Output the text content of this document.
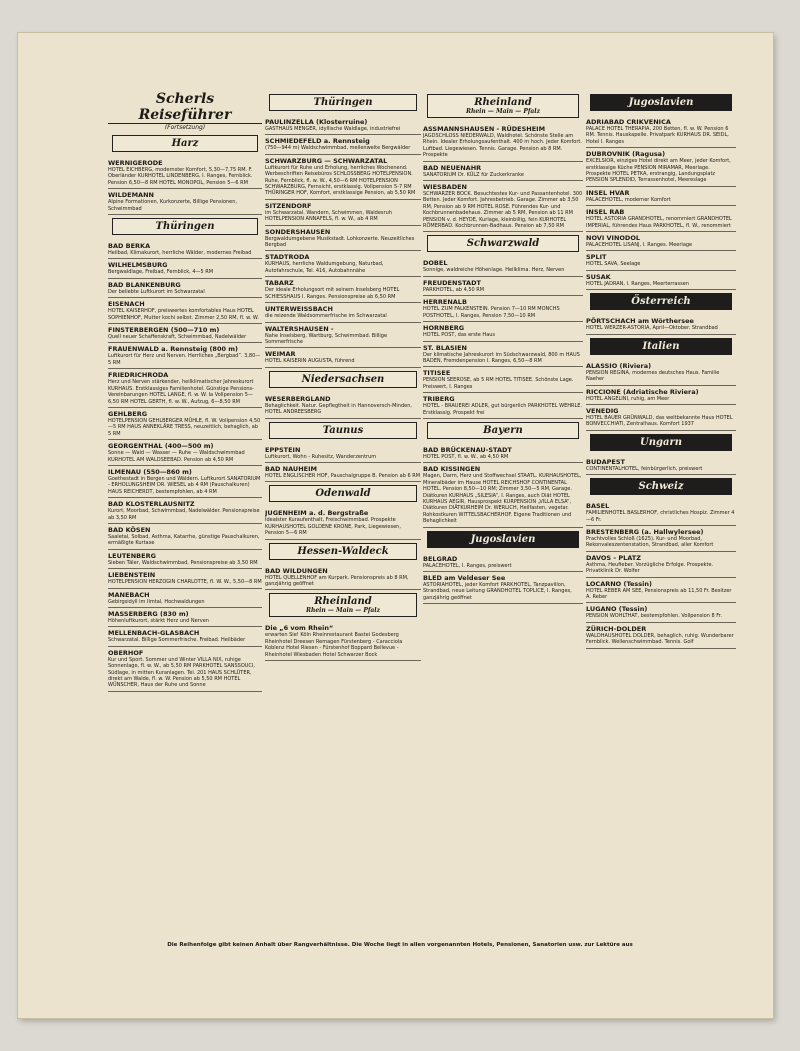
Scherls Reiseführer
(Fortsetzung)
Harz
WERNIGERODE
HOTEL EICHBERG, modernster Komfort, 5,30—7,75 RM. F. Oberländer KURHOTEL LINDENBERG, I. Ranges, Fernblick. Pension 6,50—8 RM HOTEL MONOPOL, Pension 5—6 RM
WILDEMANN
Alpine Formationen, Kurkonzerte, Billige Pensionen, Schwimmbad
Thüringen
BAD BERKA
Heilbad, Klimakurort, herrliche Wälder, modernes Freibad
WILHELMSBURG
Bergwaldlage, Freibad, Fernblick, 4—5 RM
BAD BLANKENBURG
Der beliebte Luftkurort im Schwarzatal
EISENACH
HOTEL KAISERHOF, preiswertes komfortables Haus HOTEL SOPHIENHOF, Mutter kochi selbst. Zimmer 2,50 RM, fl. w. W.
FINSTERBERGEN (500—710 m)
Quell neuer Schaffenskraft, Schwimmbad, Nadelwälder
FRAUENWALD a. Rennsteig (800 m)
Luftkurort für Herz und Nerven. Herrliches „Bergbad“. 3,80—5 RM
FRIEDRICHRODA
Herz und Nerven stärkender, heilklimatischer Jahreskurort KURHAUS. Erstklassiges Familienhotel. Günstige Pensions-Vereinbarungen HOTEL LANGE, fl. w. W. Ia Vollpension 5—6,50 RM HOTEL GERTH, fl. w. W., Aufzug, 6—8,50 RM
GEHLBERG
HOTELPENSION GEHLBERGER MÜHLE, fl. W. Vollpension 4,50—5 RM HAUS ANNEKLÄRE TRESS, neuzeitlich, behaglich, ab 5 RM
GEORGENTHAL (400—500 m)
Sonne — Wald — Wasser — Ruhe — Waldschwimmbad KURHOTEL AM WALDSEEBAD. Pension ab 4,50 RM
ILMENAU (550—860 m)
Goethestadt in Bergen und Wäldern. Luftkurort SANATORIUM - ERHOLUNGSHEIM DR. WIESEL ab 4 RM (Pauschalkuren) HAUS REICHERDT, bestempfohlen, ab 4 RM
BAD KLOSTERLAUSNITZ
Kurort, Moorbad, Schwimmbad, Nadelwälder. Pensionspreise ab 3,50 RM
BAD KÖSEN
Saaletal, Solbad, Asthma, Katarrhe, günstige Pauschalkuren, ermäßigte Kurtaxe
LEUTENBERG
Sieben Täler, Waldschwimmbad, Pensionspreise ab 3,50 RM
LIEBENSTEIN
HOTELPENSION HERZOGIN CHARLOTTE, fl. W. W., 5,50—8 RM
MANEBACH
Gebirgsidyll im Ilmtal, Hochwaldungen
MASSERBERG (830 m)
Höhenluftkurort, stärkt Herz und Nerven
MELLENBACH-GLASBACH
Schwarzatal. Billige Sommerfrische. Freibad. Heilbäder
OBERHOF
Kur und Sport. Sommer und Winter VILLA NIX, ruhige Sonnenlage, fl. w. W., ab 5,50 RM PARKHOTEL SANSSOUCI, Südlage, in mitten Kuranlagen. Tel. 201 HAUS SCHLÜTER, direkt am Walde, fl. w. W. Pension ab 5,50 RM HOTEL WÜNSCHER, Haus der Ruhe und Sonne
Thüringen
PAULINZELLA (Klosterruine)
GASTHAUS MENGER, idyllische Waldlage, industriefrei
SCHMIEDEFELD a. Rennsteig
(750—944 m) Waldschwimmbad, meilenweite Bergwälder
SCHWARZBURG — SCHWARZATAL
Luftkurort für Ruhe und Erholung, herrliches Wochenend. Werbeschriften Reisebüros SCHLOSSBERG HOTELPENSION. Ruhe, Fernblick, fl. w. W., 4,50—6 RM HOTELPENSION SCHWARZBURG, Fernsicht, erstklassig. Vollpension 5-7 RM THÜRINGER HOF, Komfort, erstklassige Pension, ab 5,50 RM
SITZENDORF
im Schwarzatal. Wandern, Schwimmen, Waldesruh HOTELPENSION ANNAFELS, fl. w. W., ab 4 RM
SONDERSHAUSEN
Bergwaldumgebene Musikstadt. Lohkonzerte. Neuzeitliches Bergbad
STADTRODA
KURHAUS, herrliche Waldumgebung, Naturbad, Autofahrschule, Tel. 416, Autobahnnähe
TABARZ
Der ideale Erholungsort mit seinem Inselsberg HOTEL SCHIESSHAUS I. Ranges. Pensionspreise ab 6,50 RM
UNTERWEISSBACH
die reizende Waldsommerfrische im Schwarzatal
WALTERSHAUSEN -
Nahe Inselsberg, Wartburg, Schwimmbad. Billige Sommerfrische
WEIMAR
HOTEL KAISERIN AUGUSTA, führend
Niedersachsen
WESERBERGLAND
Behaglichkeit. Natur. Gepflegtheit in Hannoversch-Minden, HOTEL ANDREESBERG
Taunus
EPPSTEIN
Luftkurort, Wohn - Ruhesitz, Wanderzentrum
BAD NAUHEIM
HOTEL ENGLISCHER HOF, Pauschalgruppe B. Pension ab 6 RM
Odenwald
JUGENHEIM a. d. Bergstraße
Idealster Kuraufenthalt, Freischwimmbad. Prospekte KURHAUSHOTEL GOLDENE KRONE, Park, Liegewiesen, Pension 5—6 RM
Hessen-Waldeck
BAD WILDUNGEN
HOTEL QUELLENHOF am Kurpark. Pensionspreis ab 8 RM, ganzjährig geöffnet
Rheinland
Rhein — Main — Pfalz
Die „6 vom Rhein“
erwarten Sie! Köln Rheinrestaurant Bastei Godesberg Rheinhotel Dreesen Remagen Fürstenberg - Caracciola Koblenz Hotel Riesen - Fürstenhof Boppard Bellevue - Rheinhotel Wiesbaden Hotel Schwarzer Bock
Rheinland
Rhein — Main — Pfalz
ASSMANNSHAUSEN - RÜDESHEIM
JAGDSCHLOSS NIEDERWALD, Waldhotel. Schönste Stelle am Rhein. Idealer Erholungsaufenthalt. 400 m hoch. Jeder Komfort. Luftbad. Liegewiesen. Tennis. Garage. Pension ab 8 RM. Prospekte
BAD NEUENAHR
SANATORIUM Dr. KÜLZ für Zuckerkranke
WIESBADEN
SCHWARZER BOCK. Besuchtestes Kur- und Passantenhotel. 300 Betten. Jeder Komfort. Jahresbetrieb. Garage. Zimmer ab 3,50 RM, Pension ab 9 RM HOTEL ROSE. Führendes Kur- und Kochbrunnenbadehaus. Zimmer ab 5 RM, Pension ab 11 RM PENSION v. d. HEYDE, Kurlage, kleinbillig, fein KURHOTEL RÖMERBAD. Kochbrunnen-Badhaus. Pension ab 7,50 RM
Schwarzwald
DOBEL
Sonnige, waldreiche Höhenlage. Heilklima. Herz, Nerven
FREUDENSTADT
PARKHOTEL, ab 4,50 RM
HERRENALB
HOTEL ZUM FALKENSTEIN. Pension 7—10 RM MONCHS POSTHOTEL, I. Ranges, Pension 7,50—10 RM
HORNBERG
HOTEL POST, das erste Haus
ST. BLASIEN
Der klimatische Jahreskurort im Südschwarzwald, 800 m HAUS BADEN, Fremdenpension I. Ranges, 6,50—8 RM
TITISEE
PENSION SEEROSE, ab 5 RM HOTEL TITISEE. Schönste Lage. Preiswert, I. Ranges
TRIBERG
HOTEL - BRAUEREI ADLER, gut bürgerlich PARKHOTEL WEHRLE. Erstklassig. Prospekt frei
Bayern
BAD BRÜCKENAU-STADT
HOTEL POST, fl. w. W., ab 4,50 RM
BAD KISSINGEN
Magen, Darm, Herz und Stoffwechsel STAATL. KURHAUSHOTEL, Mineralbäder im Hause HOTEL REICHSHOF CONTINENTAL HOTEL. Pension 8,50—10 RM; Zimmer 3,50—5 RM, Garage. Diätkuren KURHAUS „SILESIA“, I. Ranges, auch Diät HOTEL KURHAUS AEGIR, Hausprospekt KURPENSION „VILLA ELSA“, Diätkuren DIÄTKURHEIM Dr. WERLICH, Heilfasten, vegetar. Rohkostkuren WITTELSBACHERHOF. Eigene Traditionen und Behaglichkeit
Jugoslavien
BELGRAD
PALACEHOTEL, I. Ranges, preiswert
BLED am Veldeser See
ASTORIAHOTEL, jeder Komfort PARKHOTEL, Tanzpavillon, Strandbad, neue Leitung GRANDHOTEL TOPLICE, I. Ranges, ganzjährig geöffnet
Jugoslavien
ADRIABAD CRIKVENICA
PALACE HOTEL THERAPIA, 200 Betten, fl. w. W. Pension 6 RM. Tennis. Hauskapelle. Privatpark KURHAUS DR. SEIDL, Hotel I. Ranges
DUBROVNIK (Ragusa)
EXCELSIOR, einziges Hotel direkt am Meer, jeder Komfort, erstklassige Küche PENSION MIRAMAR, Meerlage. Prospekte HOTEL PETKA, erstrangig, Landungsplatz PENSION SPLENDID, Terrassenhotel, Meereslage
INSEL HVAR
PALACEHOTEL, moderner Komfort
INSEL RAB
HOTEL ASTORIA GRANDHOTEL, renommiert GRANDHOTEL IMPERIAL, führendes Haus PARKHOTEL, fl. W., renommiert
NOVI VINODOL
PALACEHOTEL LISANJ, I. Ranges. Meerlage
SPLIT
HOTEL SAVA, Seelage
SUSAK
HOTEL JADRAN, I. Ranges, Meerterrassen
Österreich
PÖRTSCHACH am Wörthersee
HOTEL WERZER-ASTORIA, April—Oktober. Strandbad
Italien
ALASSIO (Riviera)
PENSION REGINA, modernes deutsches Haus. Familie Naeher
RICCIONE (Adriatische Riviera)
HOTEL ANGELINI, ruhig, am Meer
VENEDIG
HOTEL BAUER GRÜNWALD, das weltbekannte Haus HOTEL BONVECCHIATI, Zentralhaus. Komfort 1937
Ungarn
BUDAPEST
CONTINENTALHOTEL, feinbürgerlich, preiswert
Schweiz
BASEL
FAMILIENHOTEL BASLERHOF, christliches Hospiz. Zimmer 4—6 Fr.
BRESTENBERG (a. Hallwylersee)
Prachtvolles Schloß (1625), Kur- und Moorbad, Rekonvaleszentenstation, Strandbad, aller Komfort
DAVOS - PLATZ
Asthma, Heufieber. Vorzügliche Erfolge. Prospekte. Privatklinik Dr. Wolfer
LOCARNO (Tessin)
HOTEL REBER AM SEE, Pensionspreis ab 11,50 Fr. Besitzer A. Reber
LUGANO (Tessin)
PENSION WOHLTHAT, bestempfohlen. Vollpension 8 Fr.
ZÜRICH-DOLDER
WALDHAUSHOTEL DOLDER, behaglich, ruhig. Wunderbarer Fernblick. Wellenschwimmbad. Tennis. Golf
Die Reihenfolge gibt keinen Anhalt über Rangverhältnisse. Die Woche liegt in allen vorgenannten Hotels, Pensionen, Sanatorien usw. zur Lektüre aus
